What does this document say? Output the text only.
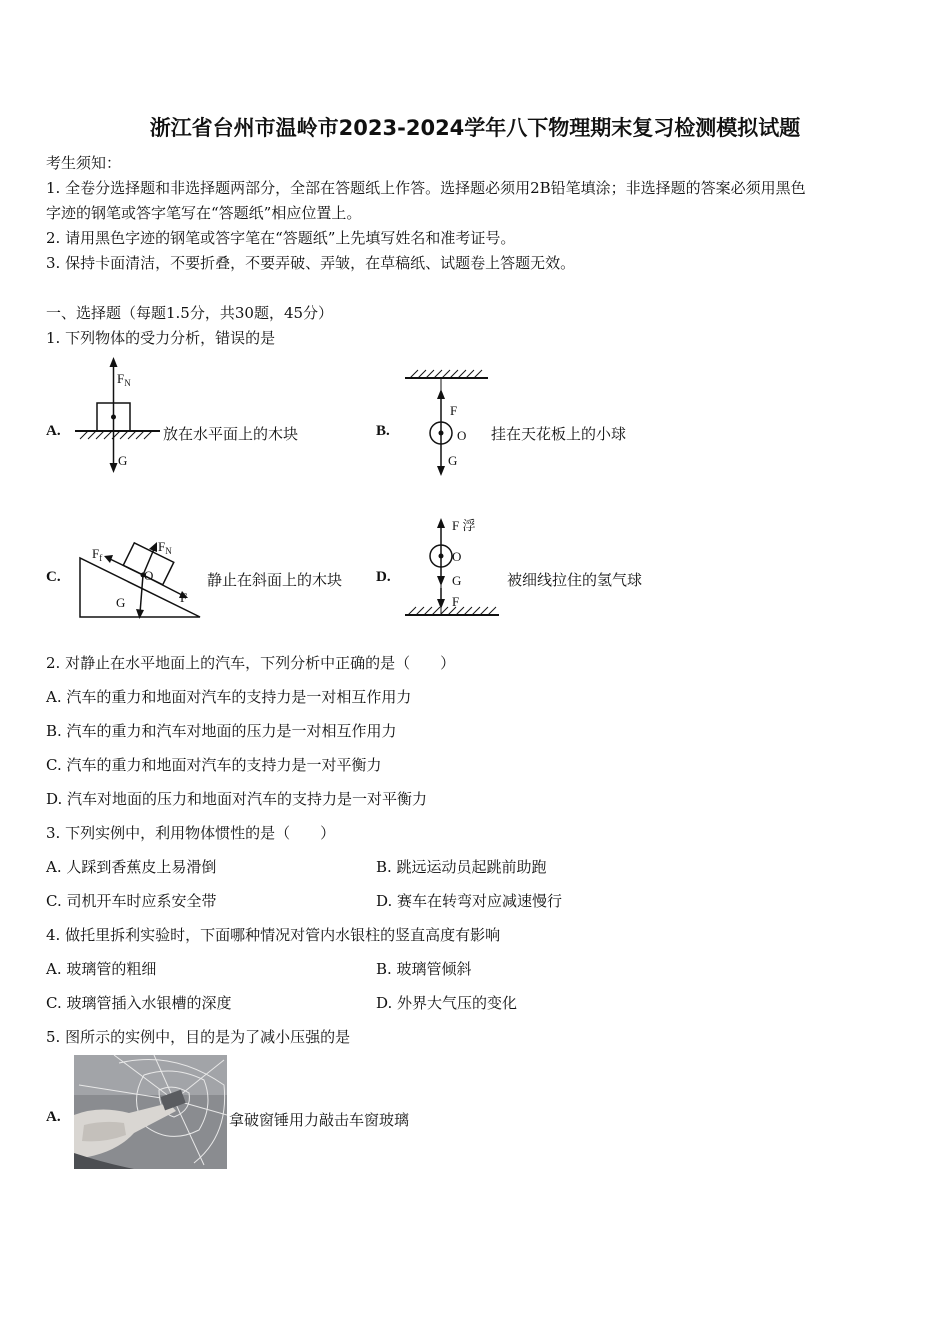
浙江省台州市温岭市2023-2024学年八下物理期末复习检测模拟试题
考生须知：
1. 全卷分选择题和非选择题两部分，全部在答题纸上作答。选择题必须用2B铅笔填涂；非选择题的答案必须用黑色
字迹的钢笔或答字笔写在“答题纸”相应位置上。
2. 请用黑色字迹的钢笔或答字笔在“答题纸”上先填写姓名和准考证号。
3. 保持卡面清洁，不要折叠，不要弄破、弄皱，在草稿纸、试题卷上答题无效。
一、选择题（每题1.5分，共30题，45分）
1. 下列物体的受力分析，错误的是
A.
$F_N$
G
放在水平面上的木块	B.
F
O
G
挂在天花板上的小球
C.
$F_f$
$F_N$
O
F
G
静止在斜面上的木块 D.
F 浮
O
G
F
被细线拉住的氢气球
2. 对静止在水平地面上的汽车，下列分析中正确的是（　　）
A. 汽车的重力和地面对汽车的支持力是一对相互作用力
B. 汽车的重力和汽车对地面的压力是一对相互作用力
C. 汽车的重力和地面对汽车的支持力是一对平衡力
D. 汽车对地面的压力和地面对汽车的支持力是一对平衡力
3. 下列实例中，利用物体惯性的是（　　）
A. 人踩到香蕉皮上易滑倒	B. 跳远运动员起跳前助跑
C. 司机开车时应系安全带	D. 赛车在转弯对应减速慢行
4. 做托里拆利实验时，下面哪种情况对管内水银柱的竖直高度有影响
A. 玻璃管的粗细	B. 玻璃管倾斜
C. 玻璃管插入水银槽的深度	D. 外界大气压的变化
5. 图所示的实例中，目的是为了减小压强的是
A.	拿破窗锤用力敲击车窗玻璃
